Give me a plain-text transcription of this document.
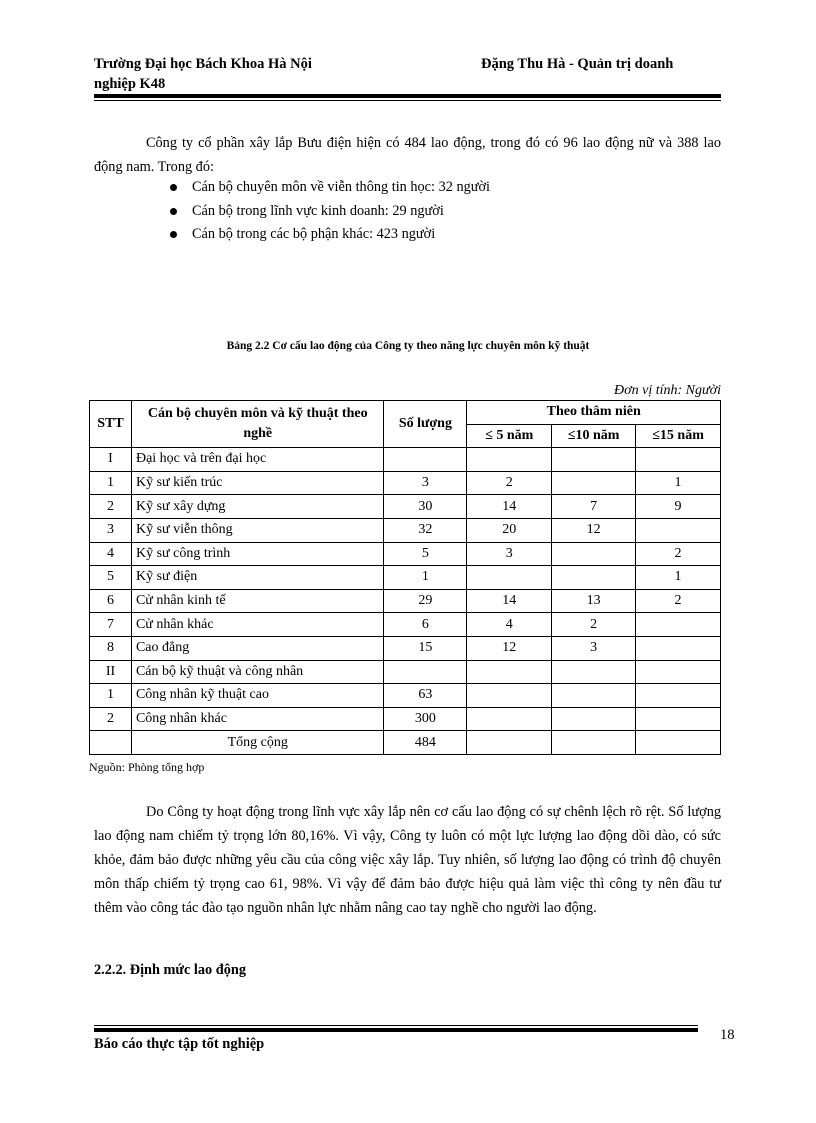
Trường Đại học Bách Khoa Hà Nội	Đặng Thu Hà - Quản trị doanh
nghiệp K48
Công ty cổ phần xây lắp Bưu điện hiện có 484 lao động, trong đó có 96 lao động nữ và 388 lao động nam. Trong đó:
Cán bộ chuyên môn về viễn thông tin học: 32 người
Cán bộ trong lĩnh vực kinh doanh: 29 người
Cán bộ trong các bộ phận khác: 423 người
Bảng 2.2 Cơ cấu lao động của Công ty theo năng lực chuyên môn kỹ thuật
Đơn vị tính: Người
STT	Cán bộ chuyên môn và kỹ thuật theo nghề	Số lượng	Theo thâm niên		
			≤ 5 năm	≤10 năm	≤15 năm
I	Đại học và trên đại học				
1	Kỹ sư kiến trúc	3	2		1
2	Kỹ sư xây dựng	30	14	7	9
3	Kỹ sư viễn thông	32	20	12	
4	Kỹ sư công trình	5	3		2
5	Kỹ sư điện	1			1
6	Cử nhân kinh tế	29	14	13	2
7	Cử nhân khác	6	4	2	
8	Cao đẳng	15	12	3	
II	Cán bộ kỹ thuật và công nhân				
1	Công nhân kỹ thuật cao	63			
2	Công nhân khác	300			
	Tổng cộng	484			
Nguồn: Phòng tổng hợp
Do Công ty hoạt động trong lĩnh vực xây lắp nên cơ cấu lao động có sự chênh lệch rõ rệt. Số lượng lao động nam chiếm tỷ trọng lớn 80,16%. Vì vậy, Công ty luôn có một lực lượng lao động dồi dào, có sức khỏe, đảm bảo được những yêu cầu của công việc xây lắp. Tuy nhiên, số lượng lao động có trình độ chuyên môn thấp chiếm tỷ trọng cao 61, 98%. Vì vậy để đảm bảo được hiệu quả làm việc thì công ty nên đầu tư thêm vào công tác đào tạo nguồn nhân lực nhằm nâng cao tay nghề cho người lao động.
2.2.2. Định mức lao động
Báo cáo thực tập tốt nghiệp
18
